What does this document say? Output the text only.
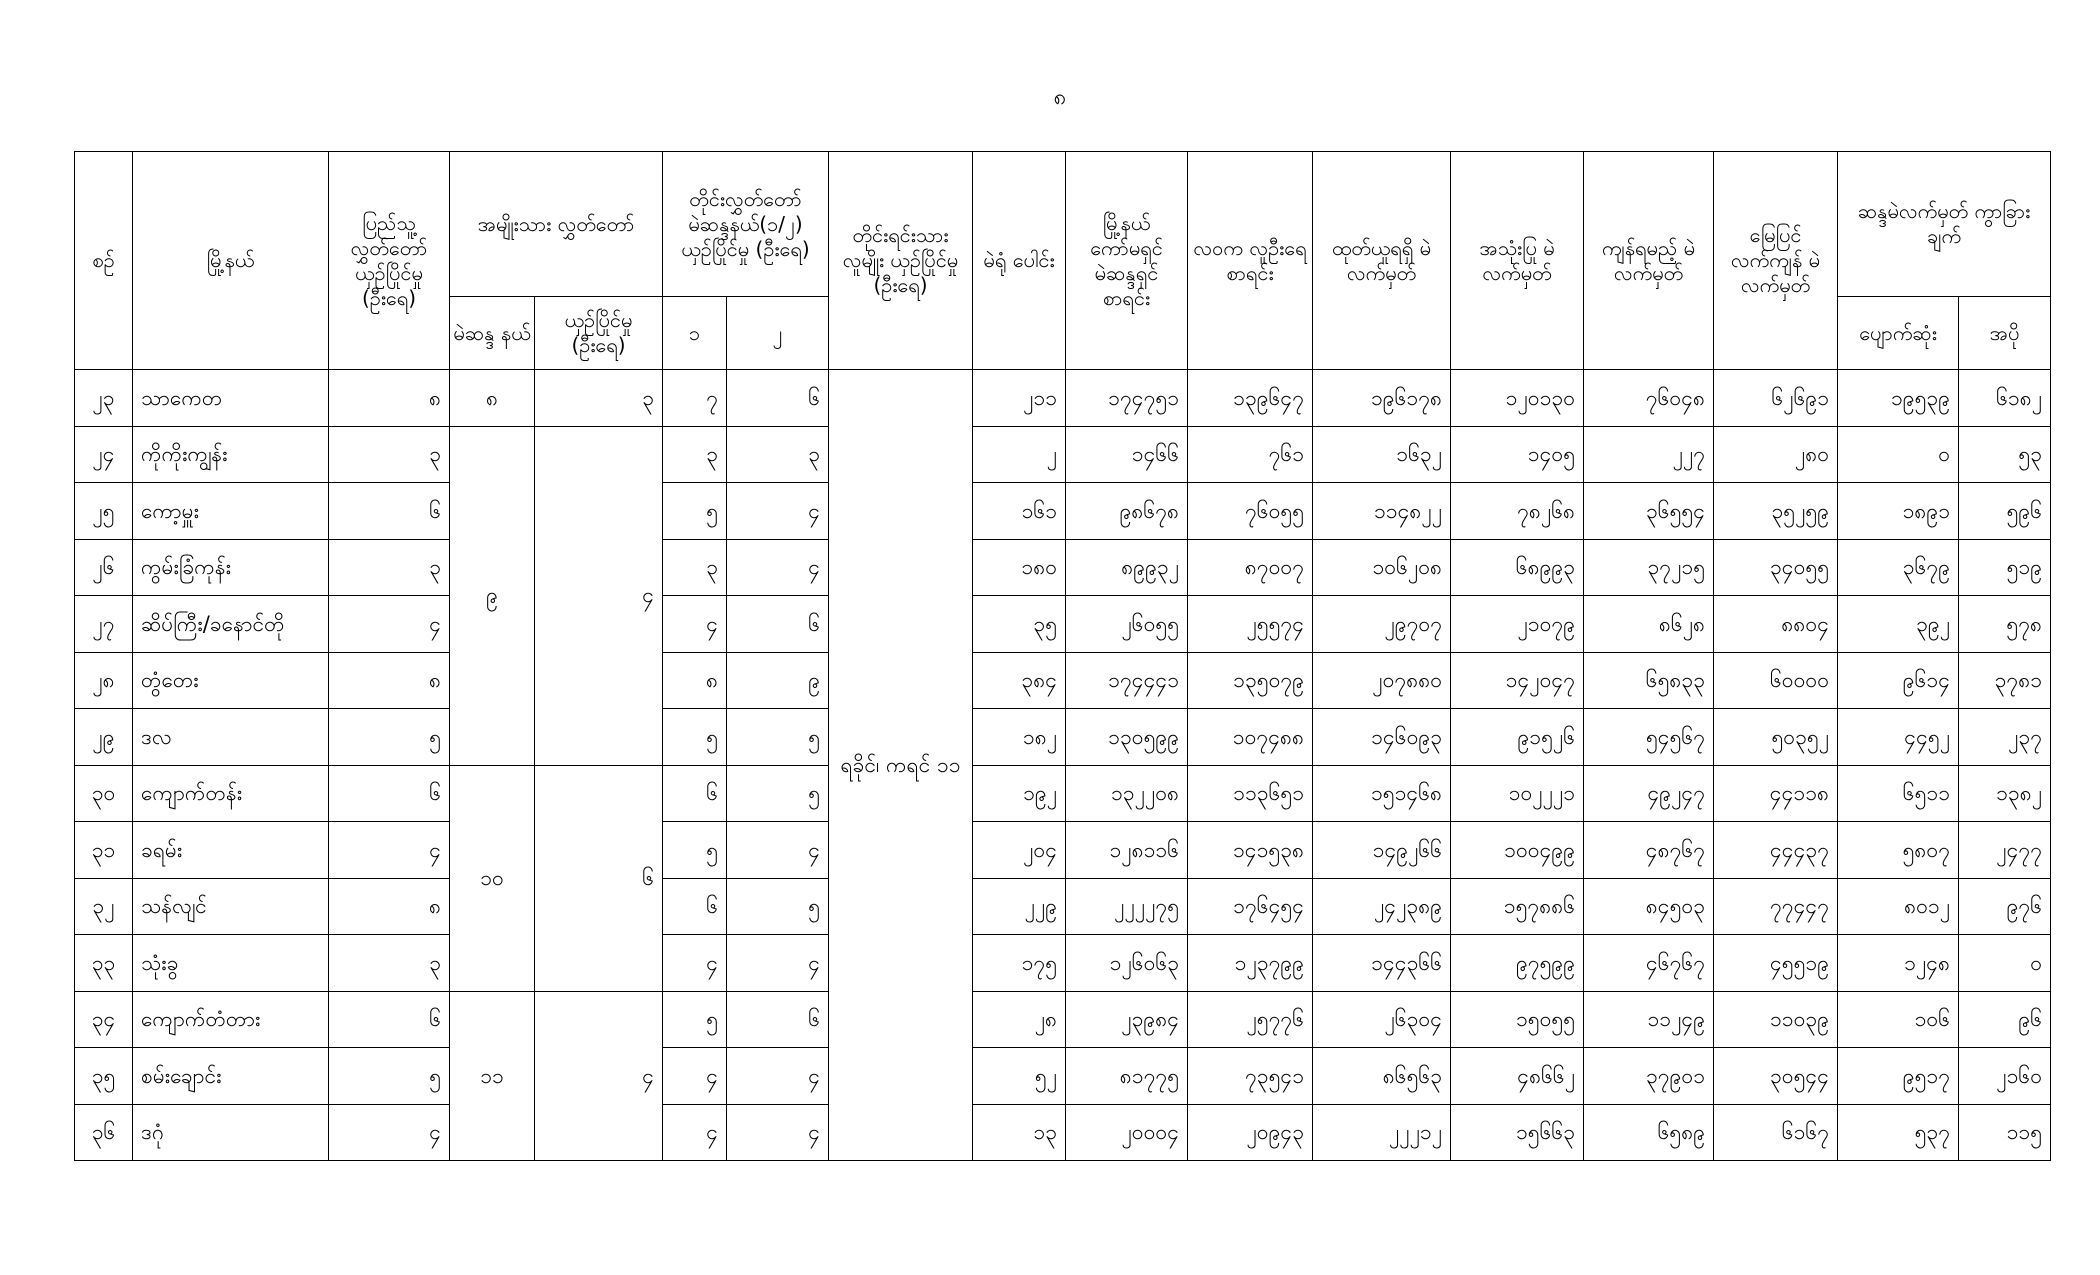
၈
စဉ်	မြို့နယ်	ပြည်သူ့ လွှတ်တော် ယှဉ်ပြိုင်မှု (ဦးရေ)	အမျိုးသား လွှတ်တော်		တိုင်းလွှတ်တော် မဲဆန္ဒနယ်(၁/၂) ယှဉ်ပြိုင်မှု (ဦးရေ)		တိုင်းရင်းသား လူမျိုး ယှဉ်ပြိုင်မှု (ဦးရေ)	မဲရုံ ပေါင်း	မြို့နယ် ကော်မရှင် မဲဆန္ဒရှင် စာရင်း	လဝက လူဦးရေ စာရင်း	ထုတ်ယူရရှိ မဲလက်မှတ်	အသုံးပြု မဲလက်မှတ်	ကျန်ရမည့် မဲလက်မှတ်	မြေပြင် လက်ကျန် မဲလက်မှတ်	ဆန္ဒမဲလက်မှတ် ကွာခြားချက်	
			မဲဆန္ဒ နယ်	ယှဉ်ပြိုင်မှု (ဦးရေ)	၁	၂									ပျောက်ဆုံး	အပို
၂၃	သာကေတ	၈	၈	၃	၇	၆	ရခိုင်၊ ကရင် ၁၁	၂၁၁	၁၇၄၇၅၁	၁၃၉၆၄၇	၁၉၆၁၇၈	၁၂၀၁၃၀	၇၆၀၄၈	၆၂၆၉၁	၁၉၅၃၉	၆၁၈၂
၂၄	ကိုကိုးကျွန်း	၃	၉	၄	၃	၃		၂	၁၄၆၆	၇၆၁	၁၆၃၂	၁၄၀၅	၂၂၇	၂၈၀	၀	၅၃
၂၅	ကော့မှူး	၆			၅	၄		၁၆၁	၉၈၆၇၈	၇၆၀၅၅	၁၁၄၈၂၂	၇၈၂၆၈	၃၆၅၅၄	၃၅၂၅၉	၁၈၉၁	၅၉၆
၂၆	ကွမ်းခြံကုန်း	၃			၃	၄		၁၈၀	၈၉၉၃၂	၈၇၀၀၇	၁၀၆၂၀၈	၆၈၉၉၃	၃၇၂၁၅	၃၄၀၅၅	၃၆၇၉	၅၁၉
၂၇	ဆိပ်ကြီး/ခနောင်တို	၄			၄	၆		၃၅	၂၆၀၅၅	၂၅၅၇၄	၂၉၇၀၇	၂၁၀၇၉	၈၆၂၈	၈၈၀၄	၃၉၂	၅၇၈
၂၈	တွံတေး	၈			၈	၉		၃၈၄	၁၇၄၄၄၁	၁၃၅၀၇၉	၂၀၇၈၈၀	၁၄၂၀၄၇	၆၅၈၃၃	၆၀၀၀၀	၉၆၁၄	၃၇၈၁
၂၉	ဒလ	၅			၅	၅		၁၈၂	၁၃၀၅၉၉	၁၀၇၄၈၈	၁၄၆၀၉၃	၉၁၅၂၆	၅၄၅၆၇	၅၀၃၅၂	၄၄၅၂	၂၃၇
၃၀	ကျောက်တန်း	၆	၁၀	၆	၆	၅		၁၉၂	၁၃၂၂၀၈	၁၁၃၆၅၁	၁၅၁၄၆၈	၁၀၂၂၂၁	၄၉၂၄၇	၄၄၁၁၈	၆၅၁၁	၁၃၈၂
၃၁	ခရမ်း	၄			၅	၄		၂၀၄	၁၂၈၁၁၆	၁၄၁၅၃၈	၁၄၉၂၆၆	၁၀၀၄၉၉	၄၈၇၆၇	၄၄၄၃၇	၅၈၀၇	၂၄၇၇
၃၂	သန်လျင်	၈			၆	၅		၂၂၉	၂၂၂၂၇၅	၁၇၆၄၅၄	၂၄၂၃၈၉	၁၅၇၈၈၆	၈၄၅၀၃	၇၇၄၄၇	၈၀၁၂	၉၇၆
၃၃	သုံးခွ	၃			၄	၄		၁၇၅	၁၂၆၀၆၃	၁၂၃၇၉၉	၁၄၄၃၆၆	၉၇၅၉၉	၄၆၇၆၇	၄၅၅၁၉	၁၂၄၈	၀
၃၄	ကျောက်တံတား	၆	၁၁	၄	၅	၆		၂၈	၂၃၉၈၄	၂၅၇၇၆	၂၆၃၀၄	၁၅၀၅၅	၁၁၂၄၉	၁၁၀၃၉	၁၀၆	၉၆
၃၅	စမ်းချောင်း	၅			၄	၄		၅၂	၈၁၇၇၅	၇၃၅၄၁	၈၆၅၆၃	၄၈၆၆၂	၃၇၉၀၁	၃၀၅၄၄	၉၅၁၇	၂၁၆၀
၃၆	ဒဂုံ	၄			၄	၄		၁၃	၂၀၀၀၄	၂၀၉၄၃	၂၂၂၁၂	၁၅၆၆၃	၆၅၈၉	၆၁၆၇	၅၃၇	၁၁၅
